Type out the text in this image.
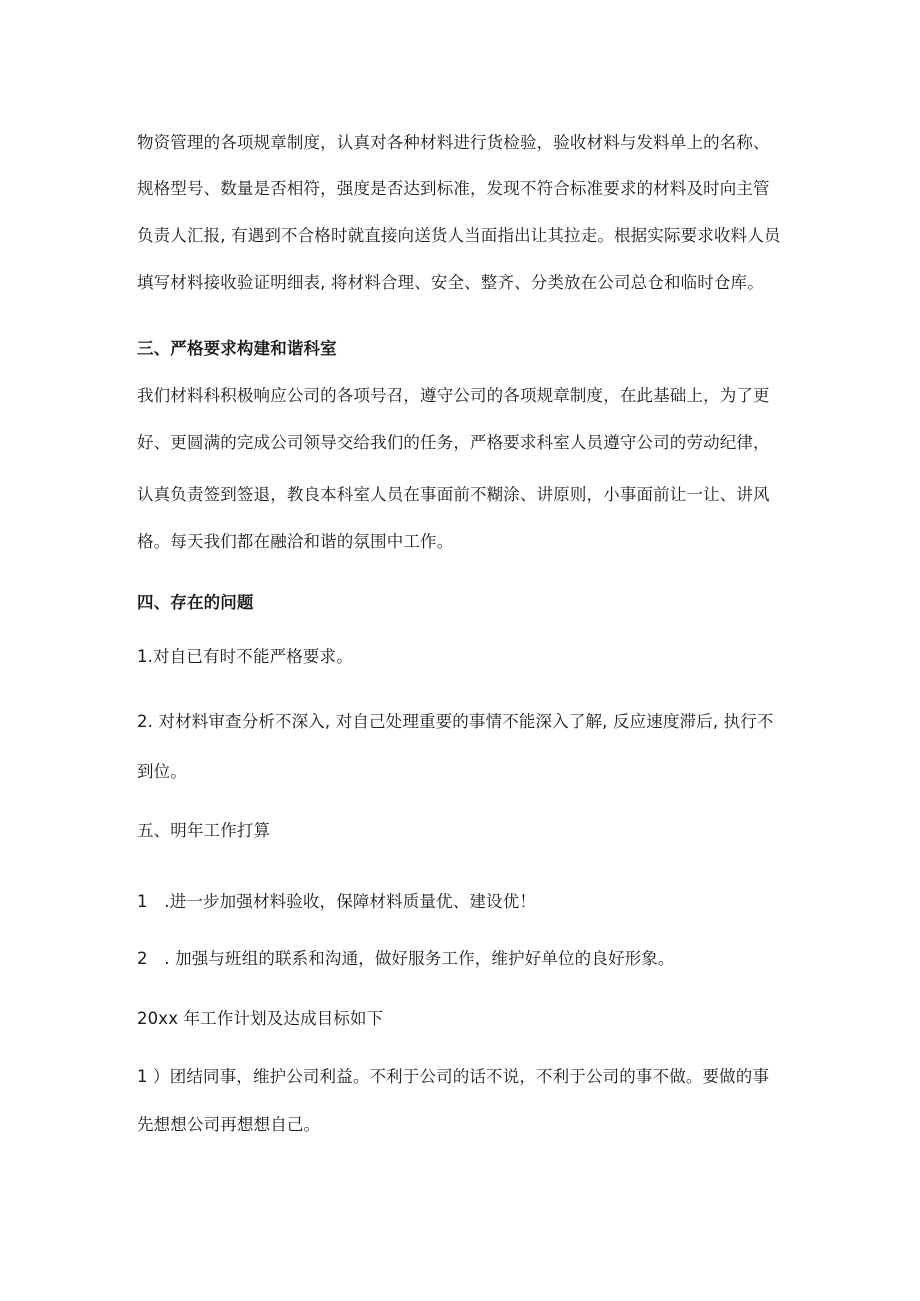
物资管理的各项规章制度，认真对各种材料进行货检验，验收材料与发料单上的名称、
规格型号、数量是否相符，强度是否达到标准，发现不符合标准要求的材料及时向主管
负责人汇报, 有遇到不合格时就直接向送货人当面指出让其拉走。根据实际要求收料人员
填写材料接收验证明细表, 将材料合理、安全、整齐、分类放在公司总仓和临时仓库。
三、严格要求构建和谐科室
我们材料科积极响应公司的各项号召，遵守公司的各项规章制度，在此基础上，为了更
好、更圆满的完成公司领导交给我们的任务，严格要求科室人员遵守公司的劳动纪律，
认真负责签到签退，教良本科室人员在事面前不糊涂、讲原则，小事面前让一让、讲风
格。每天我们都在融洽和谐的氛围中工作。
四、存在的问题
1.对自已有时不能严格要求。
2. 对材料审查分析不深入, 对自己处理重要的事情不能深入了解, 反应速度滞后, 执行不
到位。
五、明年工作打算
1　.进一步加强材料验收，保障材料质量优、建设优！
2　. 加强与班组的联系和沟通，做好服务工作，维护好单位的良好形象。
20xx 年工作计划及达成目标如下
1 ）团结同事，维护公司利益。不利于公司的话不说，不利于公司的事不做。要做的事
先想想公司再想想自己。
